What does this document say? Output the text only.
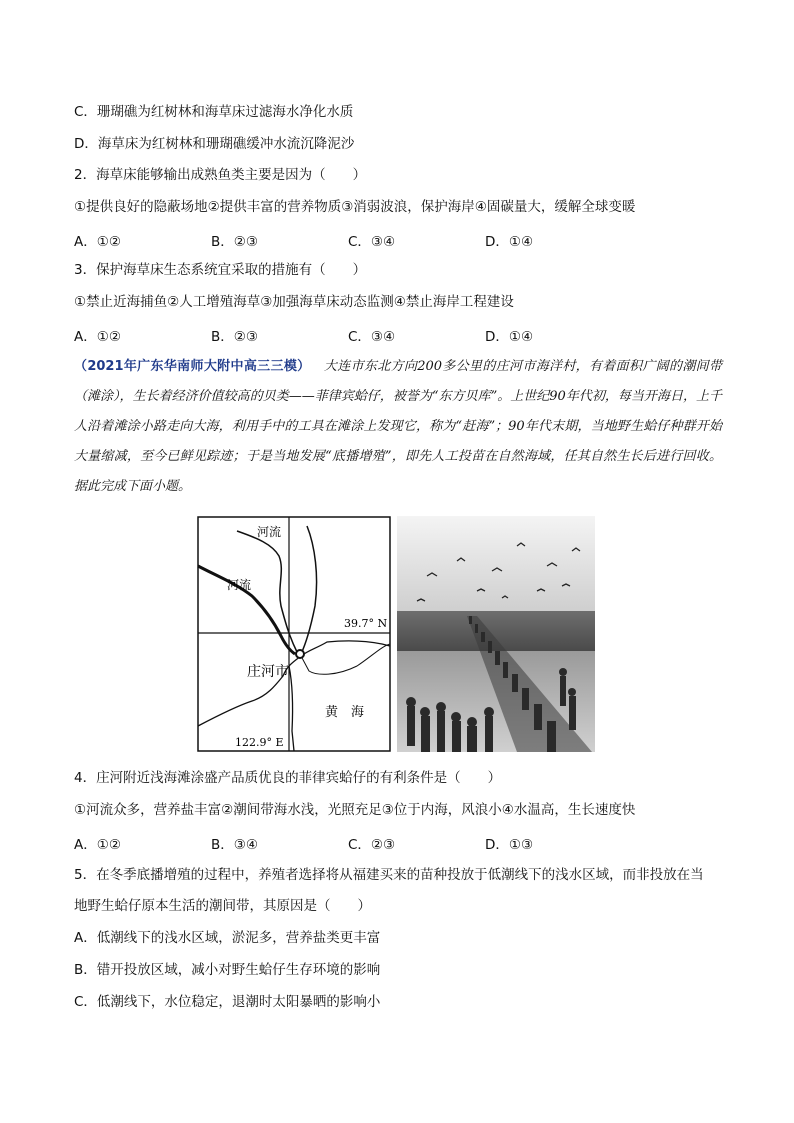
C．珊瑚礁为红树林和海草床过滤海水净化水质
D．海草床为红树林和珊瑚礁缓冲水流沉降泥沙
2．海草床能够输出成熟鱼类主要是因为（　　）
①提供良好的隐蔽场地②提供丰富的营养物质③消弱波浪，保护海岸④固碳量大，缓解全球变暖
A．①②	B．②③	C．③④	D．①④
3．保护海草床生态系统宜采取的措施有（　　）
①禁止近海捕鱼②人工增殖海草③加强海草床动态监测④禁止海岸工程建设
A．①②	B．②③	C．③④	D．①④
（2021年广东华南师大附中高三三模） 大连市东北方向200多公里的庄河市海洋村，有着面积广阔的潮间带（滩涂），生长着经济价值较高的贝类——菲律宾蛤仔，被誉为“东方贝库”。上世纪90年代初，每当开海日，上千人沿着滩涂小路走向大海，利用手中的工具在滩涂上发现它，称为“赶海”；90年代末期，当地野生蛤仔种群开始大量缩减，至今已鲜见踪迹；于是当地发展“底播增殖”，即先人工投苗在自然海域，任其自然生长后进行回收。据此完成下面小题。
河流
河流
39.7° N
庄河市
黄　海
122.9° E
4．庄河附近浅海滩涂盛产品质优良的菲律宾蛤仔的有利条件是（　　）
①河流众多，营养盐丰富②潮间带海水浅，光照充足③位于内海，风浪小④水温高，生长速度快
A．①②	B．③④	C．②③	D．①③
5．在冬季底播增殖的过程中，养殖者选择将从福建买来的苗种投放于低潮线下的浅水区域，而非投放在当
地野生蛤仔原本生活的潮间带，其原因是（　　）
A．低潮线下的浅水区域，淤泥多，营养盐类更丰富
B．错开投放区域，减小对野生蛤仔生存环境的影响
C．低潮线下，水位稳定，退潮时太阳暴晒的影响小
